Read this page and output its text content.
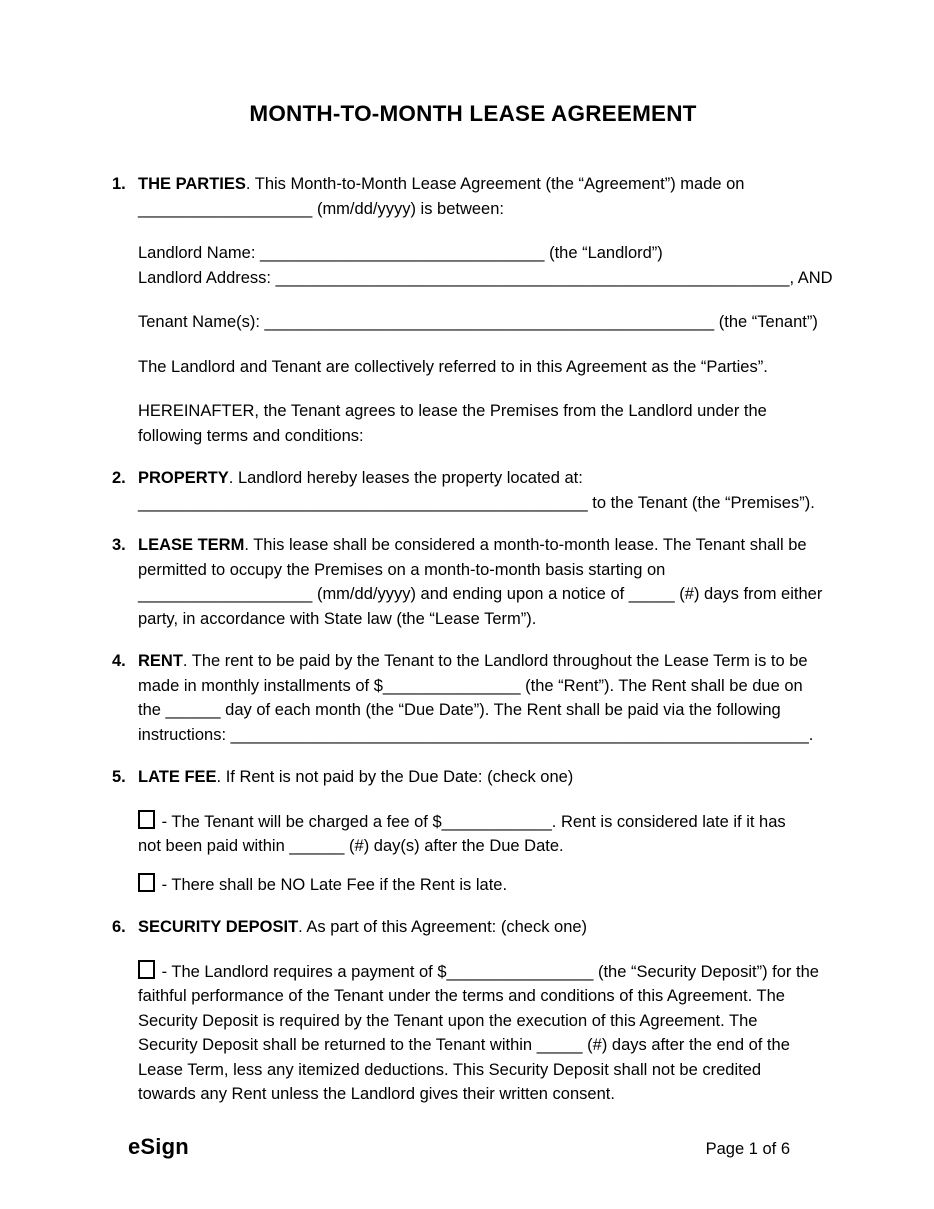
MONTH-TO-MONTH LEASE AGREEMENT
1. THE PARTIES. This Month-to-Month Lease Agreement (the “Agreement”) made on
___________________ (mm/dd/yyyy) is between:
Landlord Name: _______________________________ (the “Landlord”)
Landlord Address: ________________________________________________________, AND
Tenant Name(s): _________________________________________________ (the “Tenant”)
The Landlord and Tenant are collectively referred to in this Agreement as the “Parties”.
HEREINAFTER, the Tenant agrees to lease the Premises from the Landlord under the
following terms and conditions:
2. PROPERTY. Landlord hereby leases the property located at:
_________________________________________________ to the Tenant (the “Premises”).
3. LEASE TERM. This lease shall be considered a month-to-month lease. The Tenant shall be
permitted to occupy the Premises on a month-to-month basis starting on
___________________ (mm/dd/yyyy) and ending upon a notice of _____ (#) days from either
party, in accordance with State law (the “Lease Term”).
4. RENT. The rent to be paid by the Tenant to the Landlord throughout the Lease Term is to be
made in monthly installments of $_______________ (the “Rent”). The Rent shall be due on
the ______ day of each month (the “Due Date”). The Rent shall be paid via the following
instructions: _______________________________________________________________.
5. LATE FEE. If Rent is not paid by the Due Date: (check one)
- The Tenant will be charged a fee of $____________. Rent is considered late if it has
not been paid within ______ (#) day(s) after the Due Date.
- There shall be NO Late Fee if the Rent is late.
6. SECURITY DEPOSIT. As part of this Agreement: (check one)
- The Landlord requires a payment of $________________ (the “Security Deposit”) for the
faithful performance of the Tenant under the terms and conditions of this Agreement. The
Security Deposit is required by the Tenant upon the execution of this Agreement. The
Security Deposit shall be returned to the Tenant within _____ (#) days after the end of the
Lease Term, less any itemized deductions. This Security Deposit shall not be credited
towards any Rent unless the Landlord gives their written consent.
eSign	Page 1 of 6
